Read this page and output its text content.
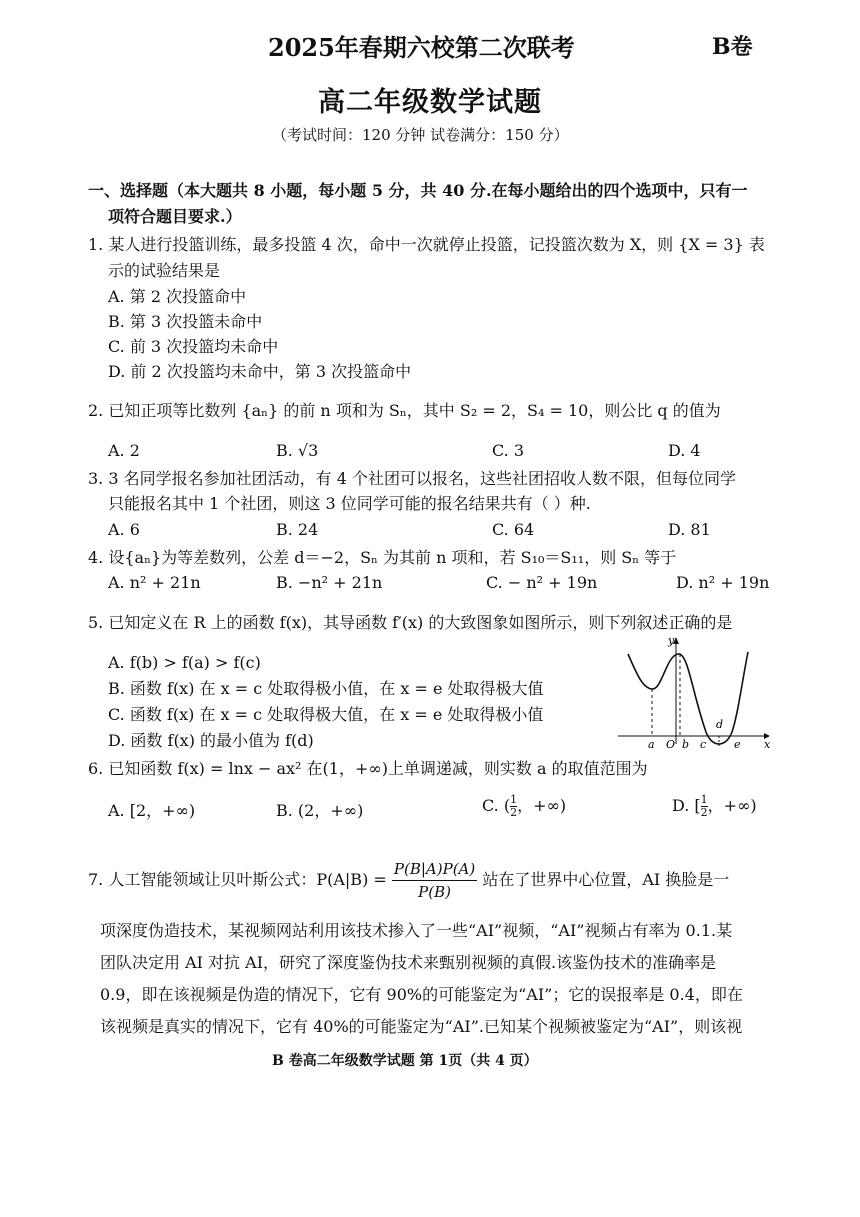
2025年春期六校第二次联考	B卷
高二年级数学试题
（考试时间：120 分钟 试卷满分：150 分）
一、选择题（本大题共 8 小题，每小题 5 分，共 40 分.在每小题给出的四个选项中，只有一
项符合题目要求.）
1. 某人进行投篮训练，最多投篮 4 次，命中一次就停止投篮，记投篮次数为 X，则 {X = 3} 表
示的试验结果是
A. 第 2 次投篮命中
B. 第 3 次投篮未命中
C. 前 3 次投篮均未命中
D. 前 2 次投篮均未命中，第 3 次投篮命中
2. 已知正项等比数列 {aₙ} 的前 n 项和为 Sₙ，其中 S₂ = 2，S₄ = 10，则公比 q 的值为
A. 2	B. √3	C. 3	D. 4
3. 3 名同学报名参加社团活动，有 4 个社团可以报名，这些社团招收人数不限，但每位同学
只能报名其中 1 个社团，则这 3 位同学可能的报名结果共有（ ）种.
A. 6	B. 24	C. 64	D. 81
4. 设{aₙ}为等差数列，公差 d＝−2，Sₙ 为其前 n 项和，若 S₁₀＝S₁₁，则 Sₙ 等于
A. n² + 21n	B. −n² + 21n	C. − n² + 19n	D. n² + 19n
5. 已知定义在 R 上的函数 f(x)，其导函数 f′(x) 的大致图象如图所示，则下列叙述正确的是
A. f(b) > f(a) > f(c)
B. 函数 f(x) 在 x = c 处取得极小值，在 x = e 处取得极大值
C. 函数 f(x) 在 x = c 处取得极大值，在 x = e 处取得极小值
D. 函数 f(x) 的最小值为 f(d)
y
x
a O b c
d
e
6. 已知函数 f(x) = lnx − ax² 在(1，+∞)上单调递减，则实数 a 的取值范围为
A. [2，+∞)	B. (2，+∞)	C. ( $\frac{1}{2}$，+∞)	D. [ $\frac{1}{2}$，+∞)
7. 人工智能领域让贝叶斯公式：$P(A|B) = \frac{P(B|A)P(A)}{P(B)}$ 站在了世界中心位置，AI 换脸是一
项深度伪造技术，某视频网站利用该技术掺入了一些“AI”视频，“AI”视频占有率为 0.1.某
团队决定用 AI 对抗 AI，研究了深度鉴伪技术来甄别视频的真假.该鉴伪技术的准确率是
0.9，即在该视频是伪造的情况下，它有 90%的可能鉴定为“AI”；它的误报率是 0.4，即在
该视频是真实的情况下，它有 40%的可能鉴定为“AI”.已知某个视频被鉴定为“AI”，则该视
B 卷高二年级数学试题 第 1页（共 4 页）
